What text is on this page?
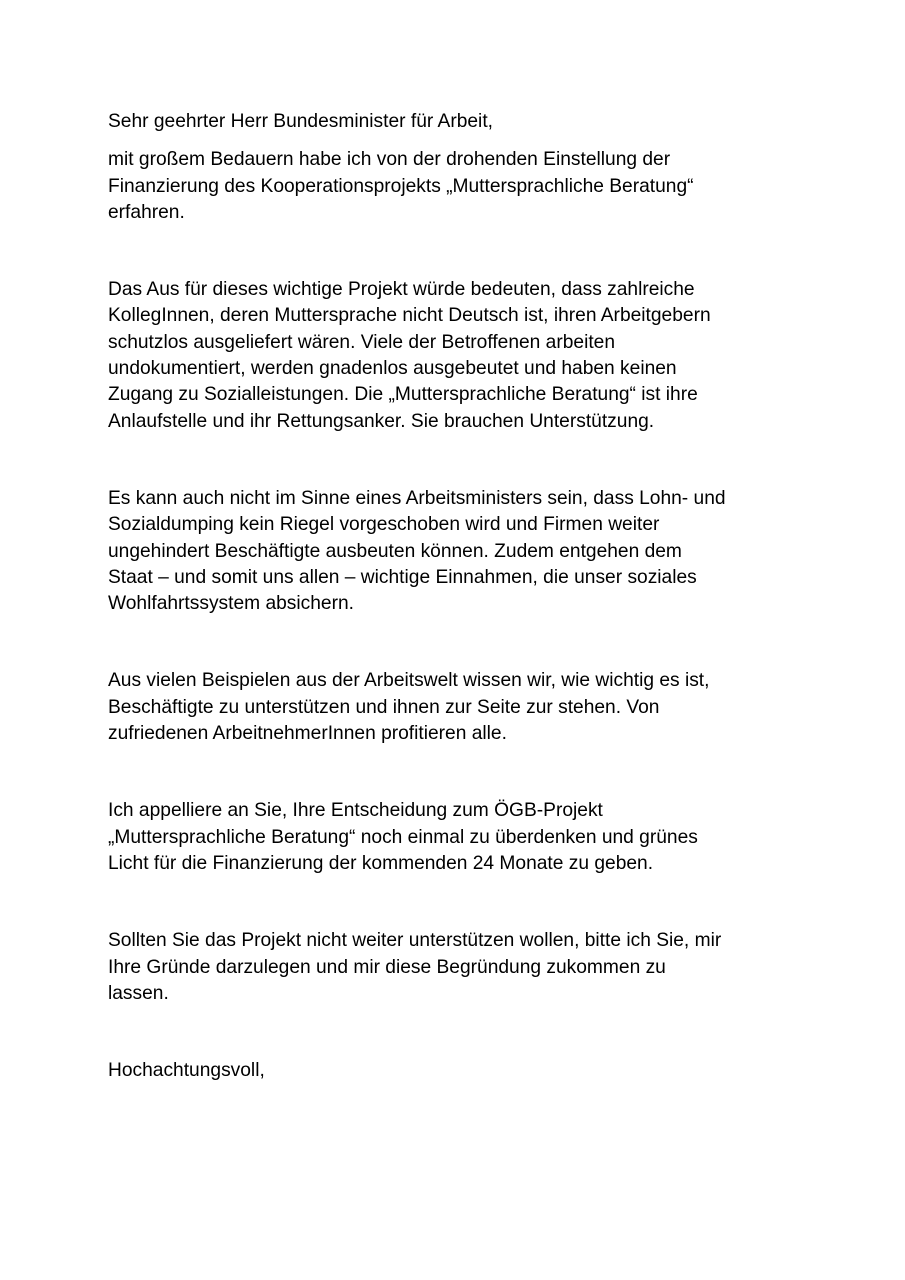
Sehr geehrter Herr Bundesminister für Arbeit,

mit großem Bedauern habe ich von der drohenden Einstellung der
Finanzierung des Kooperationsprojekts „Muttersprachliche Beratung“
erfahren.

Das Aus für dieses wichtige Projekt würde bedeuten, dass zahlreiche
KollegInnen, deren Muttersprache nicht Deutsch ist, ihren Arbeitgebern
schutzlos ausgeliefert wären. Viele der Betroffenen arbeiten
undokumentiert, werden gnadenlos ausgebeutet und haben keinen
Zugang zu Sozialleistungen. Die „Muttersprachliche Beratung“ ist ihre
Anlaufstelle und ihr Rettungsanker. Sie brauchen Unterstützung.

Es kann auch nicht im Sinne eines Arbeitsministers sein, dass Lohn- und
Sozialdumping kein Riegel vorgeschoben wird und Firmen weiter
ungehindert Beschäftigte ausbeuten können. Zudem entgehen dem
Staat – und somit uns allen – wichtige Einnahmen, die unser soziales
Wohlfahrtssystem absichern.

Aus vielen Beispielen aus der Arbeitswelt wissen wir, wie wichtig es ist,
Beschäftigte zu unterstützen und ihnen zur Seite zur stehen. Von
zufriedenen ArbeitnehmerInnen profitieren alle.

Ich appelliere an Sie, Ihre Entscheidung zum ÖGB-Projekt
„Muttersprachliche Beratung“ noch einmal zu überdenken und grünes
Licht für die Finanzierung der kommenden 24 Monate zu geben.

Sollten Sie das Projekt nicht weiter unterstützen wollen, bitte ich Sie, mir
Ihre Gründe darzulegen und mir diese Begründung zukommen zu
lassen.

Hochachtungsvoll,
